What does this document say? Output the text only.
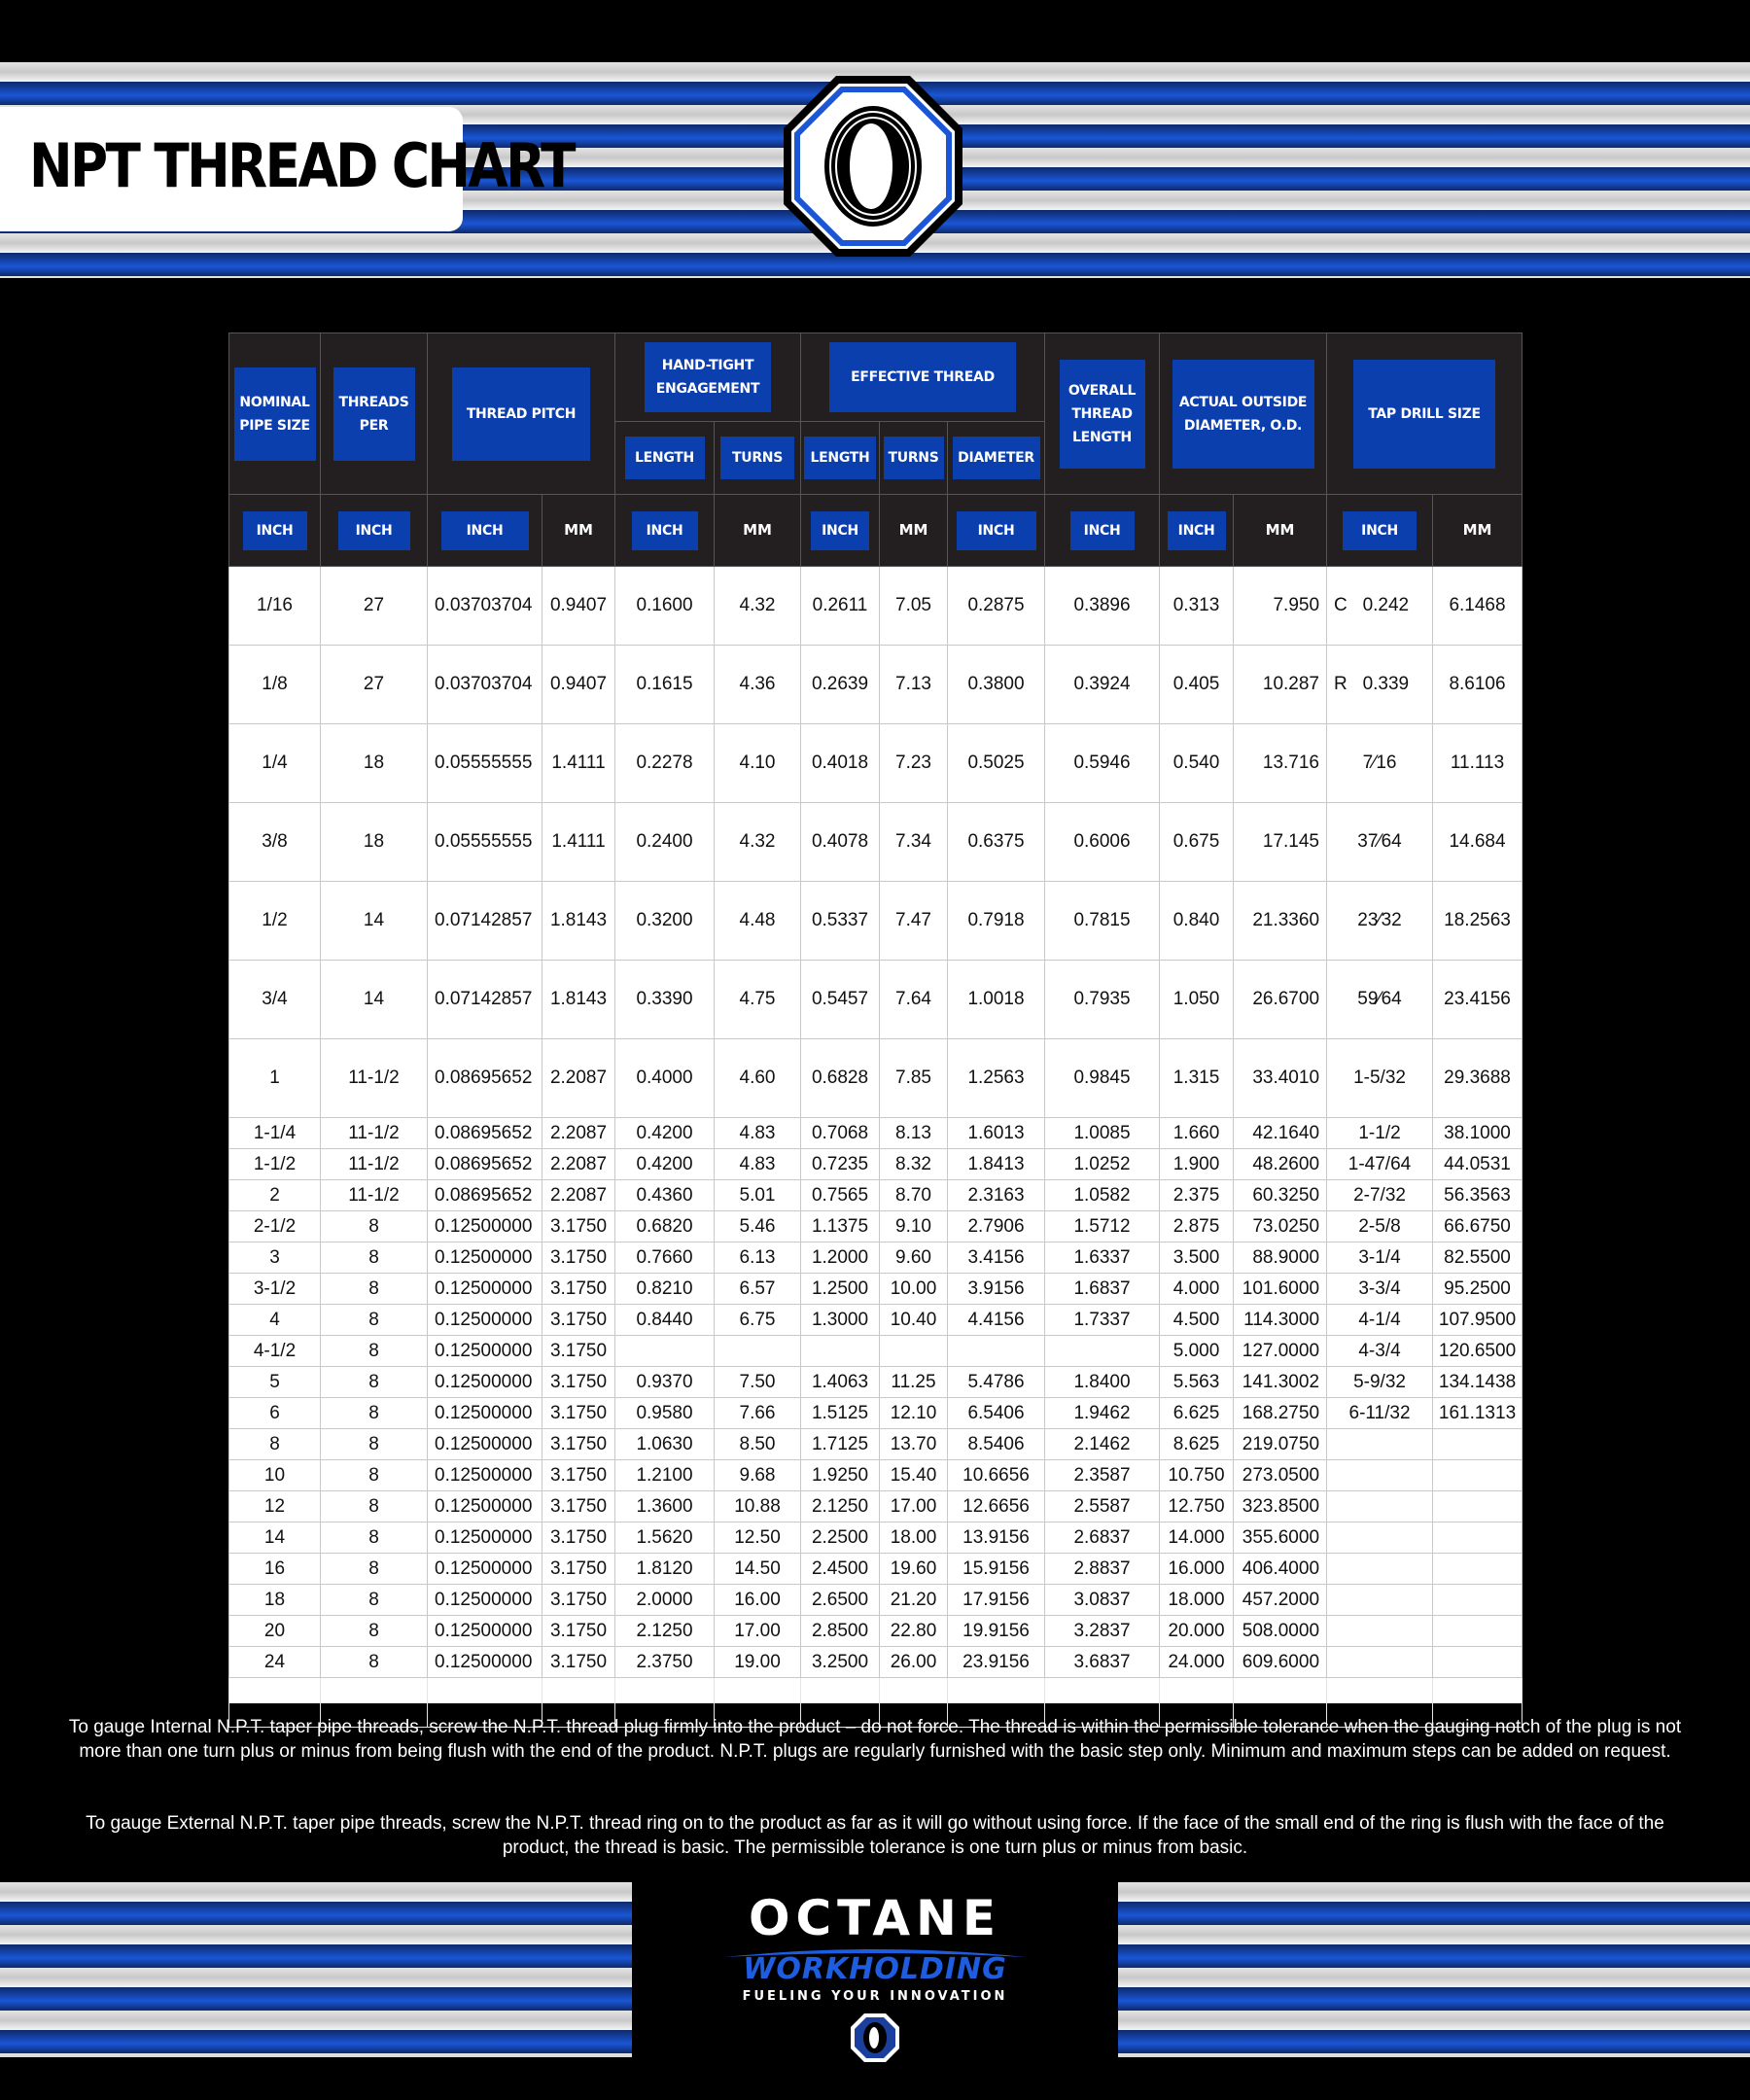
NPT THREAD CHART
NOMINAL PIPE SIZE	THREADS PER	THREAD PITCH		HAND-TIGHT ENGAGEMENT		EFFECTIVE THREAD			OVERALL THREAD LENGTH	ACTUAL OUTSIDE DIAMETER, O.D.		TAP DRILL SIZE	

LENGTH	TURNS	LENGTH	TURNS	DIAMETER					

INCH	INCH	INCH	MM	INCH	MM	INCH	MM	INCH	INCH	INCH	MM	INCH	MM
1/16	27	0.03703704	0.9407	0.1600	4.32	0.2611	7.05	0.2875	0.3896	0.313	7.950	C   0.242	6.1468
1/8	27	0.03703704	0.9407	0.1615	4.36	0.2639	7.13	0.3800	0.3924	0.405	10.287	R   0.339	8.6106
1/4	18	0.05555555	1.4111	0.2278	4.10	0.4018	7.23	0.5025	0.5946	0.540	13.716	7⁄16	11.113
3/8	18	0.05555555	1.4111	0.2400	4.32	0.4078	7.34	0.6375	0.6006	0.675	17.145	37⁄64	14.684
1/2	14	0.07142857	1.8143	0.3200	4.48	0.5337	7.47	0.7918	0.7815	0.840	21.3360	23⁄32	18.2563
3/4	14	0.07142857	1.8143	0.3390	4.75	0.5457	7.64	1.0018	0.7935	1.050	26.6700	59⁄64	23.4156
1	11-1/2	0.08695652	2.2087	0.4000	4.60	0.6828	7.85	1.2563	0.9845	1.315	33.4010	1-5/32	29.3688
1-1/4	11-1/2	0.08695652	2.2087	0.4200	4.83	0.7068	8.13	1.6013	1.0085	1.660	42.1640	1-1/2	38.1000
1-1/2	11-1/2	0.08695652	2.2087	0.4200	4.83	0.7235	8.32	1.8413	1.0252	1.900	48.2600	1-47/64	44.0531
2	11-1/2	0.08695652	2.2087	0.4360	5.01	0.7565	8.70	2.3163	1.0582	2.375	60.3250	2-7/32	56.3563
2-1/2	8	0.12500000	3.1750	0.6820	5.46	1.1375	9.10	2.7906	1.5712	2.875	73.0250	2-5/8	66.6750
3	8	0.12500000	3.1750	0.7660	6.13	1.2000	9.60	3.4156	1.6337	3.500	88.9000	3-1/4	82.5500
3-1/2	8	0.12500000	3.1750	0.8210	6.57	1.2500	10.00	3.9156	1.6837	4.000	101.6000	3-3/4	95.2500
4	8	0.12500000	3.1750	0.8440	6.75	1.3000	10.40	4.4156	1.7337	4.500	114.3000	4-1/4	107.9500
4-1/2	8	0.12500000	3.1750							5.000	127.0000	4-3/4	120.6500
5	8	0.12500000	3.1750	0.9370	7.50	1.4063	11.25	5.4786	1.8400	5.563	141.3002	5-9/32	134.1438
6	8	0.12500000	3.1750	0.9580	7.66	1.5125	12.10	6.5406	1.9462	6.625	168.2750	6-11/32	161.1313
8	8	0.12500000	3.1750	1.0630	8.50	1.7125	13.70	8.5406	2.1462	8.625	219.0750		
10	8	0.12500000	3.1750	1.2100	9.68	1.9250	15.40	10.6656	2.3587	10.750	273.0500		
12	8	0.12500000	3.1750	1.3600	10.88	2.1250	17.00	12.6656	2.5587	12.750	323.8500		
14	8	0.12500000	3.1750	1.5620	12.50	2.2500	18.00	13.9156	2.6837	14.000	355.6000		
16	8	0.12500000	3.1750	1.8120	14.50	2.4500	19.60	15.9156	2.8837	16.000	406.4000		
18	8	0.12500000	3.1750	2.0000	16.00	2.6500	21.20	17.9156	3.0837	18.000	457.2000		
20	8	0.12500000	3.1750	2.1250	17.00	2.8500	22.80	19.9156	3.2837	20.000	508.0000		
24	8	0.12500000	3.1750	2.3750	19.00	3.2500	26.00	23.9156	3.6837	24.000	609.6000		

To gauge Internal N.P.T. taper pipe threads, screw the N.P.T. thread plug firmly into the product – do not force. The thread is within the permissible tolerance when the gauging notch of the plug is not more than one turn plus or minus from being flush with the end of the product. N.P.T. plugs are regularly furnished with the basic step only. Minimum and maximum steps can be added on request.

To gauge External N.P.T. taper pipe threads, screw the N.P.T. thread ring on to the product as far as it will go without using force. If the face of the small end of the ring is flush with the face of the product, the thread is basic. The permissible tolerance is one turn plus or minus from basic.

OCTANE
WORKHOLDING
FUELING YOUR INNOVATION
